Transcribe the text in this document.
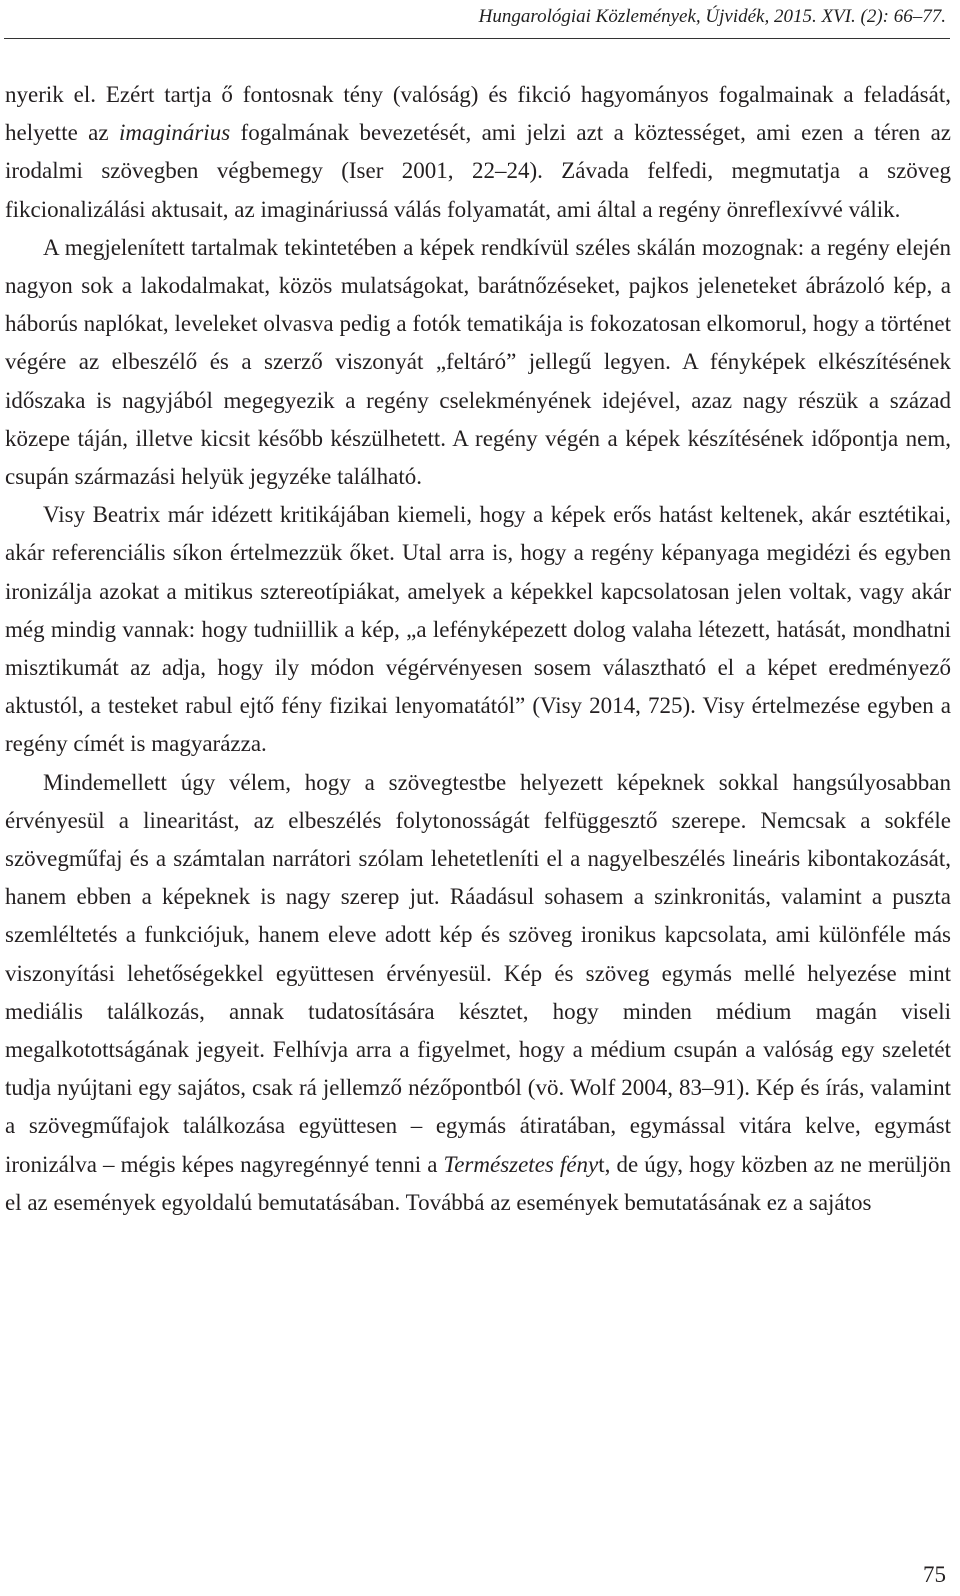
Hungarológiai Közlemények, Újvidék, 2015. XVI. (2): 66–77.

nyerik el. Ezért tartja ő fontosnak tény (valóság) és fikció hagyományos fogalmainak a feladását, helyette az imaginárius fogalmának bevezetését, ami jelzi azt a köztességet, ami ezen a téren az irodalmi szövegben végbemegy (Iser 2001, 22–24). Závada felfedi, megmutatja a szöveg fikcionalizálási aktusait, az imagináriussá válás folyamatát, ami által a regény önreflexívvé válik.

A megjelenített tartalmak tekintetében a képek rendkívül széles skálán mozognak: a regény elején nagyon sok a lakodalmakat, közös mulatságokat, barátnőzéseket, pajkos jeleneteket ábrázoló kép, a háborús naplókat, leveleket olvasva pedig a fotók tematikája is fokozatosan elkomorul, hogy a történet végére az elbeszélő és a szerző viszonyát „feltáró” jellegű legyen. A fényképek elkészítésének időszaka is nagyjából megegyezik a regény cselekményének idejével, azaz nagy részük a század közepe táján, illetve kicsit később készülhetett. A regény végén a képek készítésének időpontja nem, csupán származási helyük jegyzéke található.

Visy Beatrix már idézett kritikájában kiemeli, hogy a képek erős hatást keltenek, akár esztétikai, akár referenciális síkon értelmezzük őket. Utal arra is, hogy a regény képanyaga megidézi és egyben ironizálja azokat a mitikus sztereotípiákat, amelyek a képekkel kapcsolatosan jelen voltak, vagy akár még mindig vannak: hogy tudniillik a kép, „a lefényképezett dolog valaha létezett, hatását, mondhatni misztikumát az adja, hogy ily módon végérvényesen sosem választható el a képet eredményező aktustól, a testeket rabul ejtő fény fizikai lenyomatától” (Visy 2014, 725). Visy értelmezése egyben a regény címét is magyarázza.

Mindemellett úgy vélem, hogy a szövegtestbe helyezett képeknek sokkal hangsúlyosabban érvényesül a linearitást, az elbeszélés folytonosságát felfüggesztő szerepe. Nemcsak a sokféle szövegműfaj és a számtalan narrátori szólam lehetetleníti el a nagyelbeszélés lineáris kibontakozását, hanem ebben a képeknek is nagy szerep jut. Ráadásul sohasem a szinkronitás, valamint a puszta szemléltetés a funkciójuk, hanem eleve adott kép és szöveg ironikus kapcsolata, ami különféle más viszonyítási lehetőségekkel együttesen érvényesül. Kép és szöveg egymás mellé helyezése mint mediális találkozás, annak tudatosítására késztet, hogy minden médium magán viseli megalkotottságának jegyeit. Felhívja arra a figyelmet, hogy a médium csupán a valóság egy szeletét tudja nyújtani egy sajátos, csak rá jellemző nézőpontból (vö. Wolf 2004, 83–91). Kép és írás, valamint a szövegműfajok találkozása együttesen – egymás átiratában, egymással vitára kelve, egymást ironizálva – mégis képes nagyregénnyé tenni a Természetes fényt, de úgy, hogy közben az ne merüljön el az események egyoldalú bemutatásában. Továbbá az események bemutatásának ez a sajátos

75
